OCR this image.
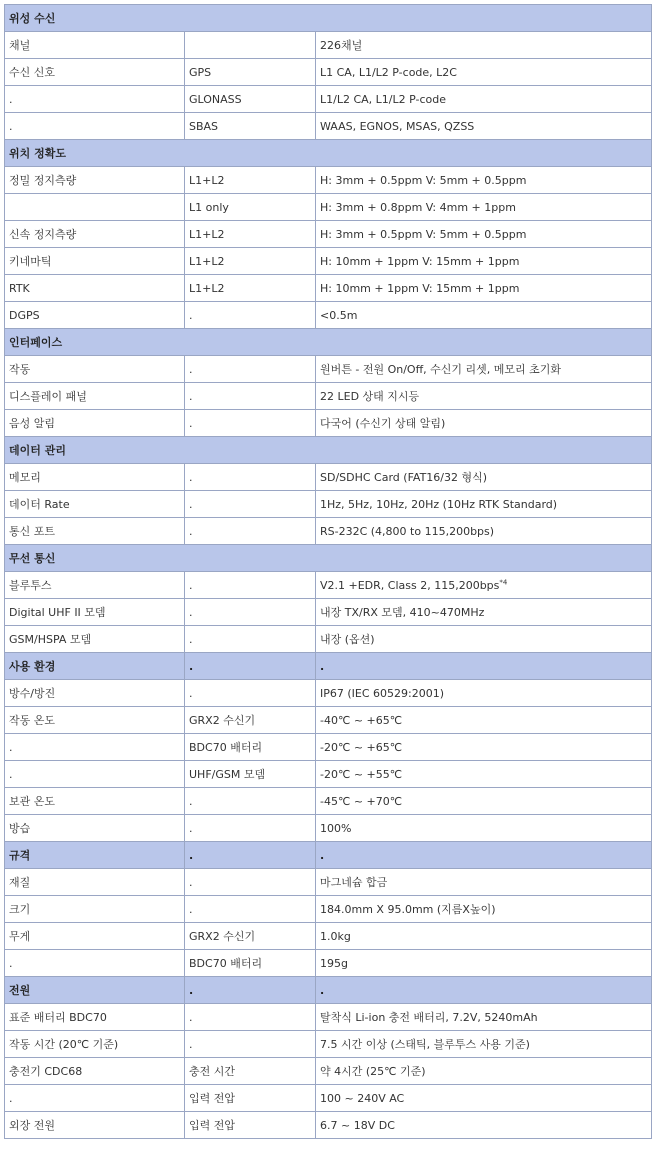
위성 수신		
채널		226채널
수신 신호	GPS	L1 CA, L1/L2 P-code, L2C
.	GLONASS	L1/L2 CA, L1/L2 P-code
.	SBAS	WAAS, EGNOS, MSAS, QZSS
위치 정확도		
정밀 정지측량	L1+L2	H: 3mm + 0.5ppm V: 5mm + 0.5ppm
	L1 only	H: 3mm + 0.8ppm V: 4mm + 1ppm
신속 정지측량	L1+L2	H: 3mm + 0.5ppm V: 5mm + 0.5ppm
키네마틱	L1+L2	H: 10mm + 1ppm V: 15mm + 1ppm
RTK	L1+L2	H: 10mm + 1ppm V: 15mm + 1ppm
DGPS	.	<0.5m
인터페이스		
작동	.	원버튼 - 전원 On/Off, 수신기 리셋, 메모리 초기화
디스플레이 패널	.	22 LED 상태 지시등
음성 알림	.	다국어 (수신기 상태 알림)
데이터 관리		
메모리	.	SD/SDHC Card (FAT16/32 형식)
데이터 Rate	.	1Hz, 5Hz, 10Hz, 20Hz (10Hz RTK Standard)
통신 포트	.	RS-232C (4,800 to 115,200bps)
무선 통신		
블루투스	.	V2.1 +EDR, Class 2, 115,200bps$^{*4}$
Digital UHF II 모뎀	.	내장 TX/RX 모뎀, 410~470MHz
GSM/HSPA 모뎀	.	내장 (옵션)
사용 환경	.	.
방수/방진	.	IP67 (IEC 60529:2001)
작동 온도	GRX2 수신기	-40℃ ~ +65℃
.	BDC70 배터리	-20℃ ~ +65℃
.	UHF/GSM 모뎀	-20℃ ~ +55℃
보관 온도	.	-45℃ ~ +70℃
방습	.	100%
규격	.	.
재질	.	마그네슘 합금
크기	.	184.0mm X 95.0mm (지름X높이)
무게	GRX2 수신기	1.0kg
.	BDC70 배터리	195g
전원	.	.
표준 배터리 BDC70	.	탈착식 Li-ion 충전 배터리, 7.2V, 5240mAh
작동 시간 (20℃ 기준)	.	7.5 시간 이상 (스태틱, 블루투스 사용 기준)
충전기 CDC68	충전 시간	약 4시간 (25℃ 기준)
.	입력 전압	100 ~ 240V AC
외장 전원	입력 전압	6.7 ~ 18V DC
